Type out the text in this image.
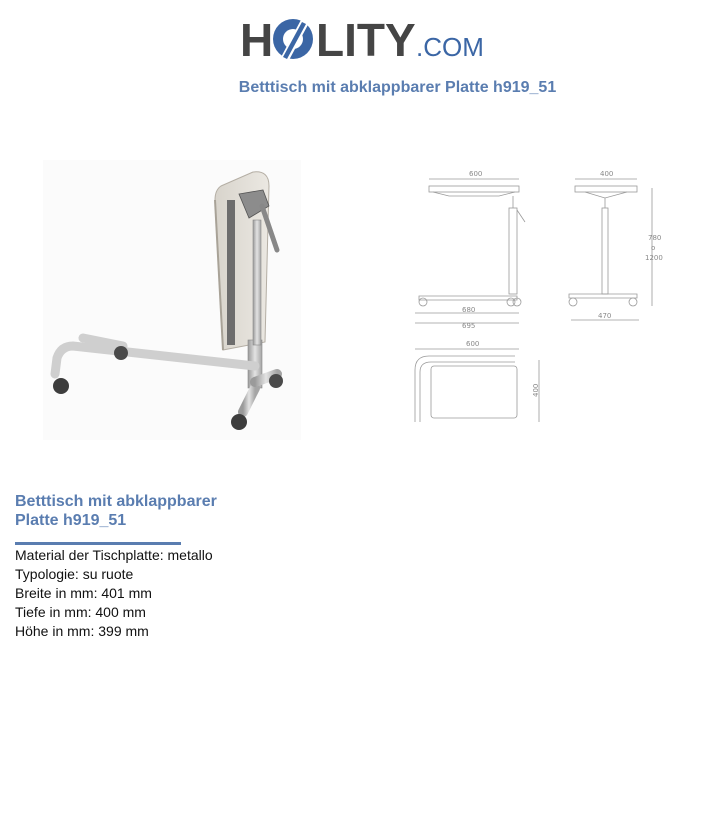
H LITY .COM
Betttisch mit abklappbarer Platte h919_51
600	400
780
o
1200
680
695
470
600
400
Betttisch mit abklappbarer
Platte h919_51
Material der Tischplatte: metallo
Typologie: su ruote
Breite in mm: 401 mm
Tiefe in mm: 400 mm
Höhe in mm: 399 mm
